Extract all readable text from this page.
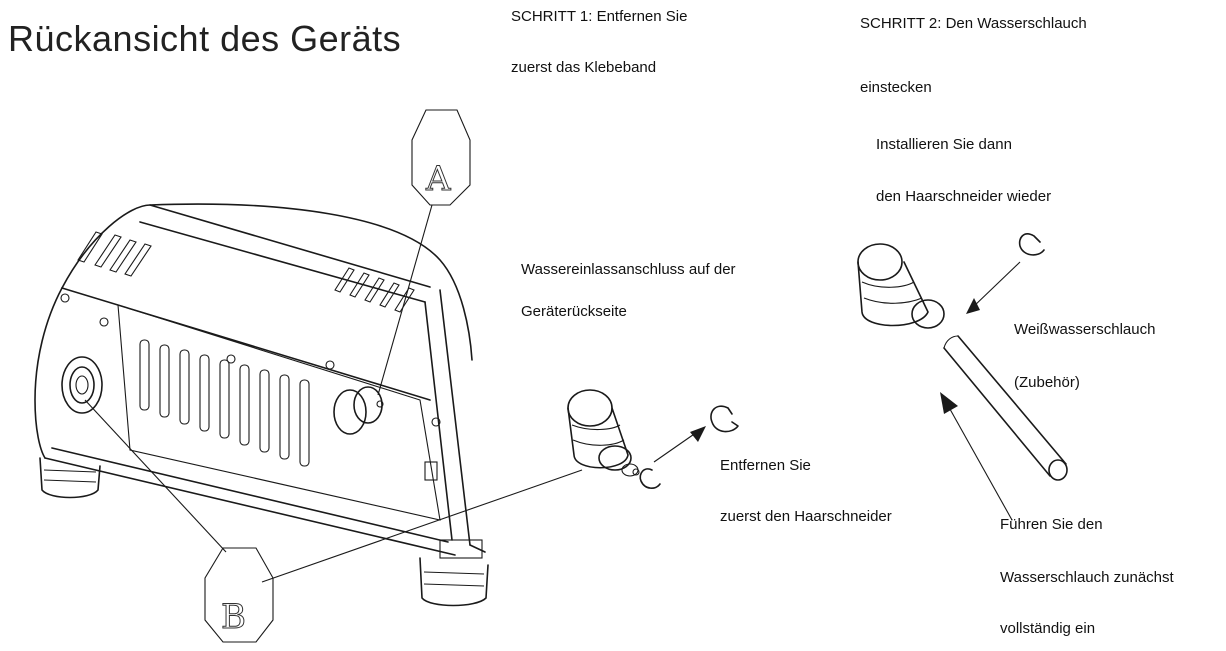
A
B
Rückansicht des Geräts

SCHRITT 1: Entfernen Sie

zuerst das Klebeband

SCHRITT 2: Den Wasserschlauch

einstecken

Installieren Sie dann

den Haarschneider wieder

Wassereinlassanschluss auf der

Geräterückseite

Weißwasserschlauch

(Zubehör)

Entfernen Sie

zuerst den Haarschneider	Führen Sie den

Wasserschlauch zunächst

vollständig ein
